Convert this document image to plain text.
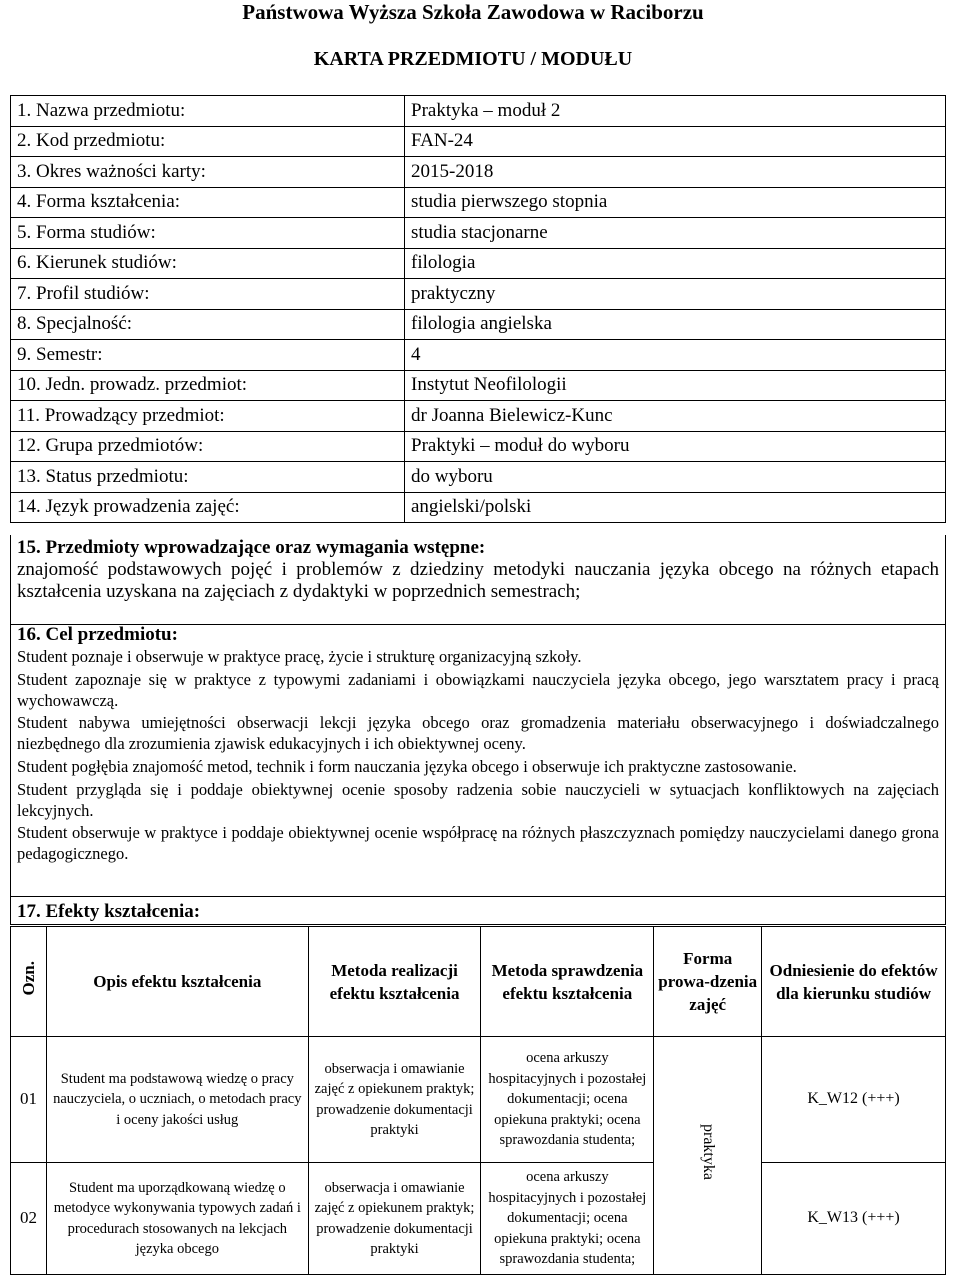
Państwowa Wyższa Szkoła Zawodowa w Raciborzu
KARTA PRZEDMIOTU / MODUŁU
1. Nazwa przedmiotu:	Praktyka – moduł 2
2. Kod przedmiotu:	FAN-24
3. Okres ważności karty:	2015-2018
4. Forma kształcenia:	studia pierwszego stopnia
5. Forma studiów:	studia stacjonarne
6. Kierunek studiów:	filologia
7. Profil studiów:	praktyczny
8. Specjalność:	filologia angielska
9. Semestr:	4
10. Jedn. prowadz. przedmiot:	Instytut Neofilologii
11. Prowadzący przedmiot:	dr Joanna Bielewicz-Kunc
12. Grupa przedmiotów:	Praktyki – moduł do wyboru
13. Status przedmiotu:	do wyboru
14. Język prowadzenia zajęć:	angielski/polski
15. Przedmioty wprowadzające oraz wymagania wstępne:
znajomość podstawowych pojęć i problemów z dziedziny metodyki nauczania języka obcego na różnych etapach kształcenia uzyskana na zajęciach z dydaktyki w poprzednich semestrach;
16. Cel przedmiotu:

Student poznaje i obserwuje w praktyce pracę, życie i strukturę organizacyjną szkoły.

Student zapoznaje się w praktyce z typowymi zadaniami i obowiązkami nauczyciela języka obcego, jego warsztatem pracy i pracą wychowawczą.

Student nabywa umiejętności obserwacji lekcji języka obcego oraz gromadzenia materiału obserwacyjnego i doświadczalnego niezbędnego dla zrozumienia zjawisk edukacyjnych i ich obiektywnej oceny.

Student pogłębia znajomość metod, technik i form nauczania języka obcego i obserwuje ich praktyczne zastosowanie.

Student przygląda się i poddaje obiektywnej ocenie sposoby radzenia sobie nauczycieli w sytuacjach konfliktowych na zajęciach lekcyjnych.

Student obserwuje w praktyce i poddaje obiektywnej ocenie współpracę na różnych płaszczyznach pomiędzy nauczycielami danego grona pedagogicznego.

17. Efekty kształcenia:
Ozn.	Opis efektu kształcenia	Metoda realizacji efektu kształcenia	Metoda sprawdzenia efektu kształcenia	Forma prowa-dzenia zajęć	Odniesienie do efektów dla kierunku studiów
01	Student ma podstawową wiedzę o pracy nauczyciela, o uczniach, o metodach pracy i oceny jakości usług	obserwacja i omawianie zajęć z opiekunem praktyk; prowadzenie dokumentacji praktyki	ocena arkuszy hospitacyjnych i pozostałej dokumentacji; ocena opiekuna praktyki; ocena sprawozdania studenta;	praktyka	K_W12 (+++)
02	Student ma uporządkowaną wiedzę o metodyce wykonywania typowych zadań i procedurach stosowanych na lekcjach języka obcego	obserwacja i omawianie zajęć z opiekunem praktyk; prowadzenie dokumentacji praktyki	ocena arkuszy hospitacyjnych i pozostałej dokumentacji; ocena opiekuna praktyki; ocena sprawozdania studenta;		K_W13 (+++)
